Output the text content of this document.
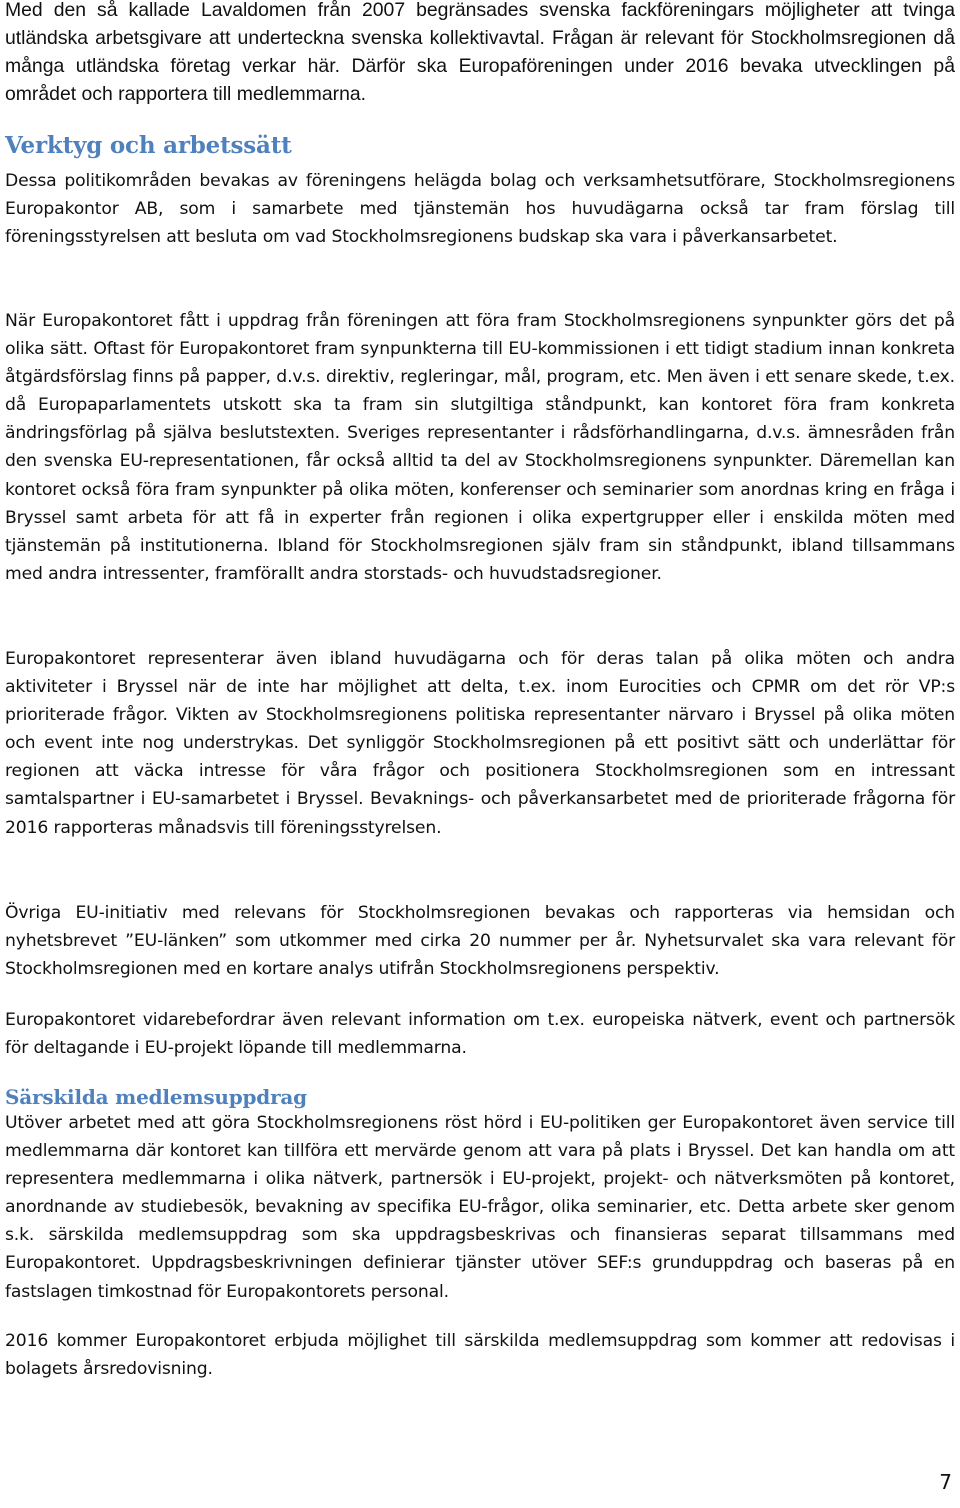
Med den så kallade Lavaldomen från 2007 begränsades svenska fackföreningars möjligheter att tvinga utländska arbetsgivare att underteckna svenska kollektivavtal. Frågan är relevant för Stockholmsregionen då många utländska företag verkar här. Därför ska Europaföreningen under 2016 bevaka utvecklingen på området och rapportera till medlemmarna.

Verktyg och arbetssätt

Dessa politikområden bevakas av föreningens helägda bolag och verksamhetsutförare, Stockholmsregionens Europakontor AB, som i samarbete med tjänstemän hos huvudägarna också tar fram förslag till föreningsstyrelsen att besluta om vad Stockholmsregionens budskap ska vara i påverkansarbetet.

När Europakontoret fått i uppdrag från föreningen att föra fram Stockholmsregionens synpunkter görs det på olika sätt. Oftast för Europakontoret fram synpunkterna till EU-kommissionen i ett tidigt stadium innan konkreta åtgärdsförslag finns på papper, d.v.s. direktiv, regleringar, mål, program, etc. Men även i ett senare skede, t.ex. då Europaparlamentets utskott ska ta fram sin slutgiltiga ståndpunkt, kan kontoret föra fram konkreta ändringsförlag på själva beslutstexten. Sveriges representanter i rådsförhandlingarna, d.v.s. ämnesråden från den svenska EU-representationen, får också alltid ta del av Stockholmsregionens synpunkter. Däremellan kan kontoret också föra fram synpunkter på olika möten, konferenser och seminarier som anordnas kring en fråga i Bryssel samt arbeta för att få in experter från regionen i olika expertgrupper eller i enskilda möten med tjänstemän på institutionerna. Ibland för Stockholmsregionen själv fram sin ståndpunkt, ibland tillsammans med andra intressenter, framförallt andra storstads- och huvudstadsregioner.

Europakontoret representerar även ibland huvudägarna och för deras talan på olika möten och andra aktiviteter i Bryssel när de inte har möjlighet att delta, t.ex. inom Eurocities och CPMR om det rör VP:s prioriterade frågor. Vikten av Stockholmsregionens politiska representanter närvaro i Bryssel på olika möten och event inte nog understrykas. Det synliggör Stockholmsregionen på ett positivt sätt och underlättar för regionen att väcka intresse för våra frågor och positionera Stockholmsregionen som en intressant samtalspartner i EU-samarbetet i Bryssel. Bevaknings- och påverkansarbetet med de prioriterade frågorna för 2016 rapporteras månadsvis till föreningsstyrelsen.

Övriga EU-initiativ med relevans för Stockholmsregionen bevakas och rapporteras via hemsidan och nyhetsbrevet ”EU-länken” som utkommer med cirka 20 nummer per år. Nyhetsurvalet ska vara relevant för Stockholmsregionen med en kortare analys utifrån Stockholmsregionens perspektiv.

Europakontoret vidarebefordrar även relevant information om t.ex. europeiska nätverk, event och partnersök för deltagande i EU-projekt löpande till medlemmarna.

Särskilda medlemsuppdrag

Utöver arbetet med att göra Stockholmsregionens röst hörd i EU-politiken ger Europakontoret även service till medlemmarna där kontoret kan tillföra ett mervärde genom att vara på plats i Bryssel. Det kan handla om att representera medlemmarna i olika nätverk, partnersök i EU-projekt, projekt- och nätverksmöten på kontoret, anordnande av studiebesök, bevakning av specifika EU-frågor, olika seminarier, etc. Detta arbete sker genom s.k. särskilda medlemsuppdrag som ska uppdragsbeskrivas och finansieras separat tillsammans med Europakontoret. Uppdragsbeskrivningen definierar tjänster utöver SEF:s grunduppdrag och baseras på en fastslagen timkostnad för Europakontorets personal.

2016 kommer Europakontoret erbjuda möjlighet till särskilda medlemsuppdrag som kommer att redovisas i bolagets årsredovisning.

7
